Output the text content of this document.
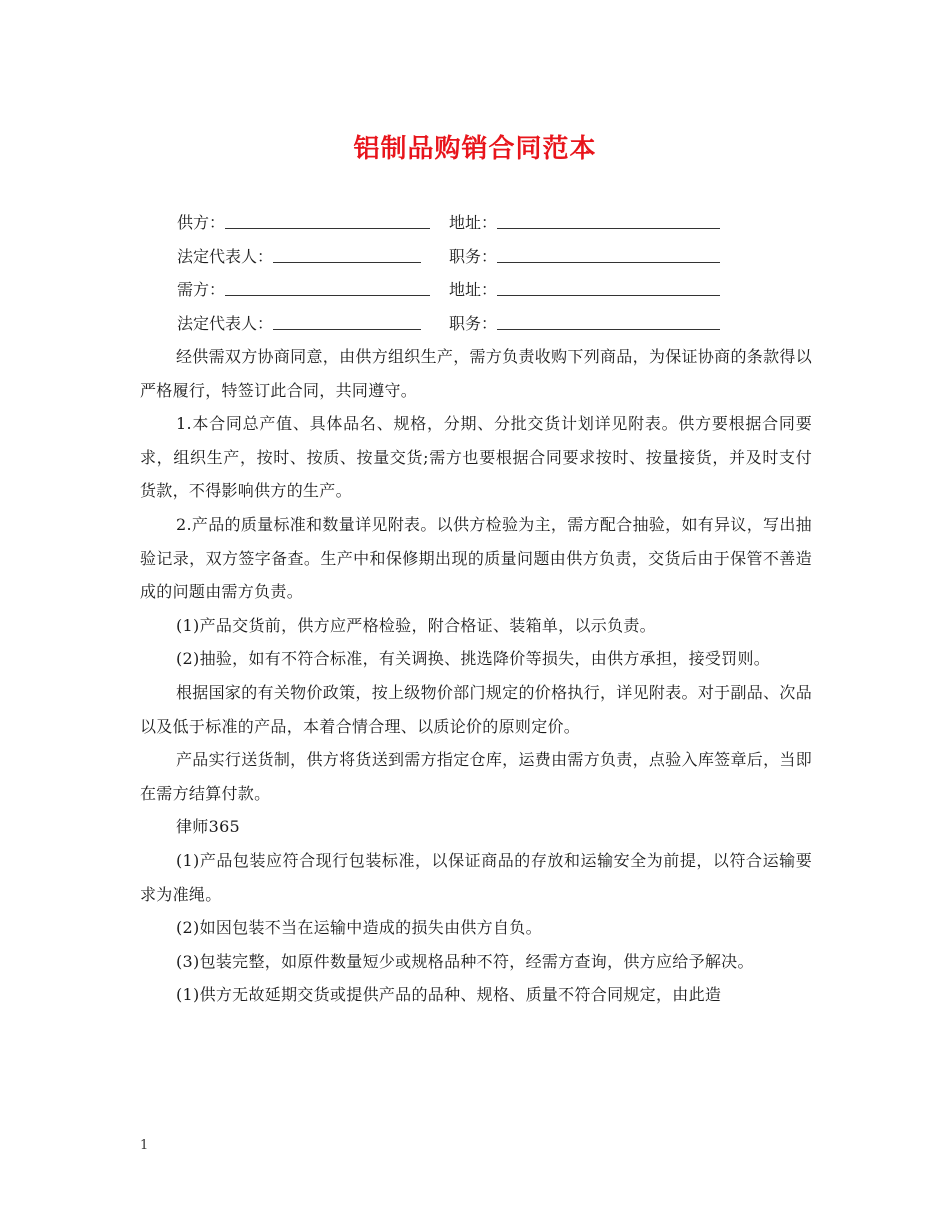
铝制品购销合同范本
供方：	地址：
法定代表人：	职务：
需方：	地址：
法定代表人：	职务：

经供需双方协商同意，由供方组织生产，需方负责收购下列商品，为保证协商的条款得以严格履行，特签订此合同，共同遵守。

1.本合同总产值、具体品名、规格，分期、分批交货计划详见附表。供方要根据合同要求，组织生产，按时、按质、按量交货;需方也要根据合同要求按时、按量接货，并及时支付货款，不得影响供方的生产。

2.产品的质量标准和数量详见附表。以供方检验为主，需方配合抽验，如有异议，写出抽验记录，双方签字备查。生产中和保修期出现的质量问题由供方负责，交货后由于保管不善造成的问题由需方负责。

(1)产品交货前，供方应严格检验，附合格证、装箱单，以示负责。

(2)抽验，如有不符合标准，有关调换、挑选降价等损失，由供方承担，接受罚则。

根据国家的有关物价政策，按上级物价部门规定的价格执行，详见附表。对于副品、次品以及低于标准的产品，本着合情合理、以质论价的原则定价。

产品实行送货制，供方将货送到需方指定仓库，运费由需方负责，点验入库签章后，当即在需方结算付款。

律师365

(1)产品包装应符合现行包装标准，以保证商品的存放和运输安全为前提，以符合运输要求为准绳。

(2)如因包装不当在运输中造成的损失由供方自负。

(3)包装完整，如原件数量短少或规格品种不符，经需方查询，供方应给予解决。

(1)供方无故延期交货或提供产品的品种、规格、质量不符合同规定，由此造

1
